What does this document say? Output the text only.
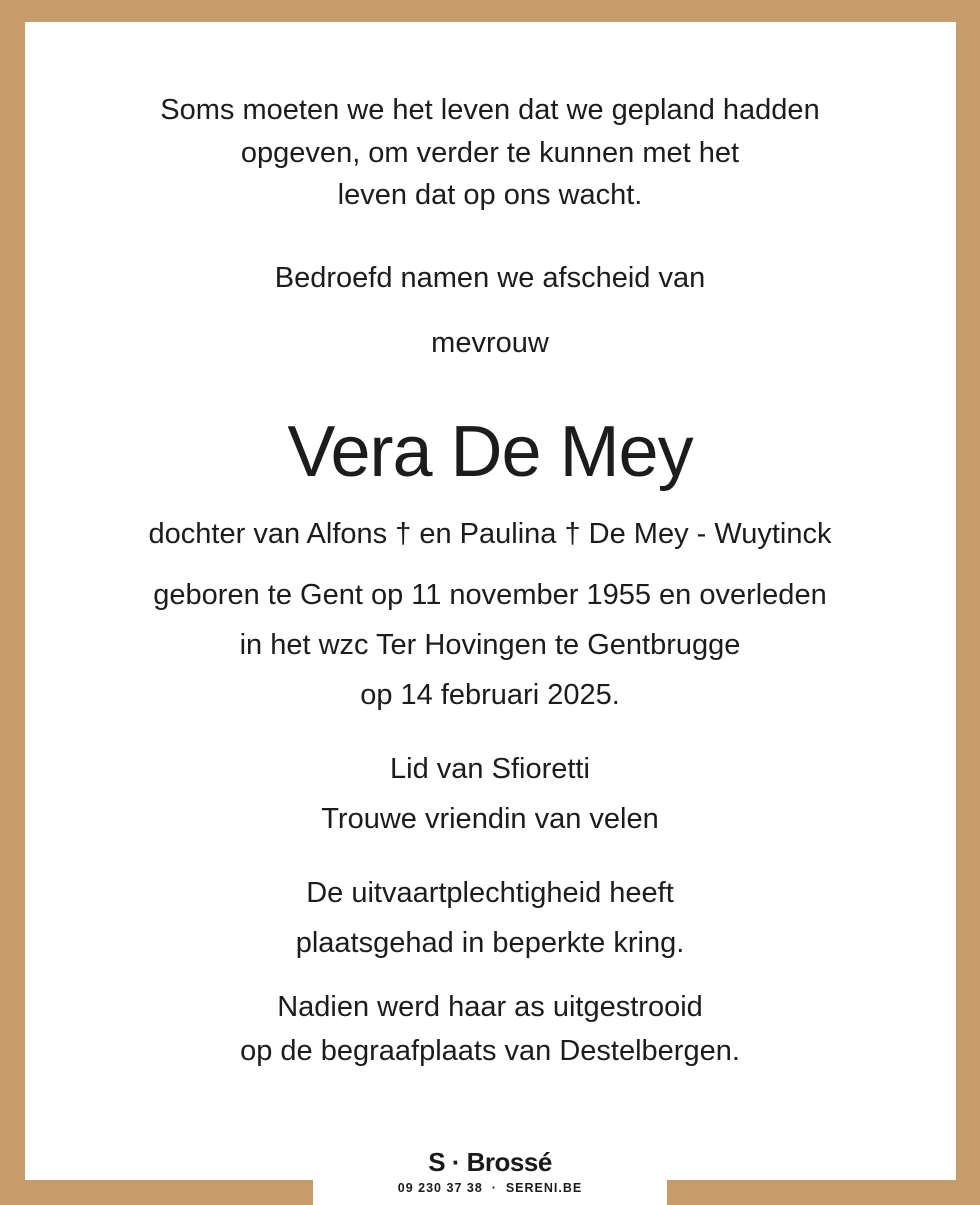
Soms moeten we het leven dat we gepland hadden

opgeven, om verder te kunnen met het

leven dat op ons wacht.

Bedroefd namen we afscheid van

mevrouw

Vera De Mey

dochter van Alfons † en Paulina † De Mey - Wuytinck

geboren te Gent op 11 november 1955 en overleden

in het wzc Ter Hovingen te Gentbrugge

op 14 februari 2025.

Lid van Sfioretti

Trouwe vriendin van velen

De uitvaartplechtigheid heeft

plaatsgehad in beperkte kring.

Nadien werd haar as uitgestrooid

op de begraafplaats van Destelbergen.

S · Brossé
09 230 37 38  ·  SERENI.BE
